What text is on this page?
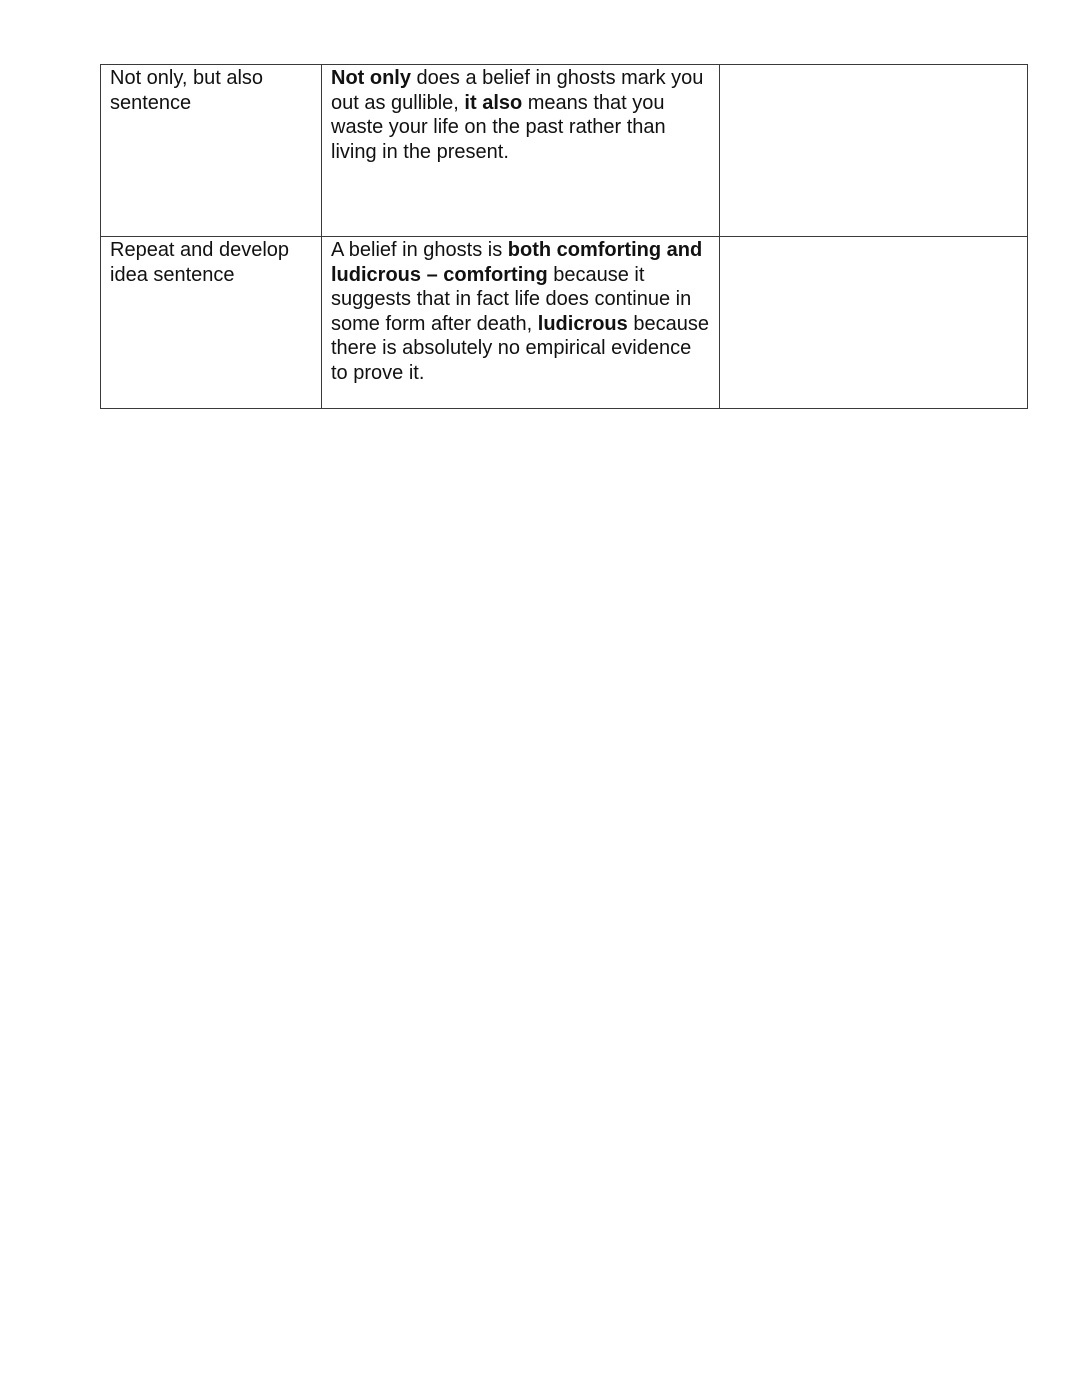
Not only, but also sentence	Not only does a belief in ghosts mark you out as gullible, it also means that you waste your life on the past rather than living in the present.	
Repeat and develop idea sentence	A belief in ghosts is both comforting and ludicrous – comforting because it suggests that in fact life does continue in some form after death, ludicrous because there is absolutely no empirical evidence to prove it.	
